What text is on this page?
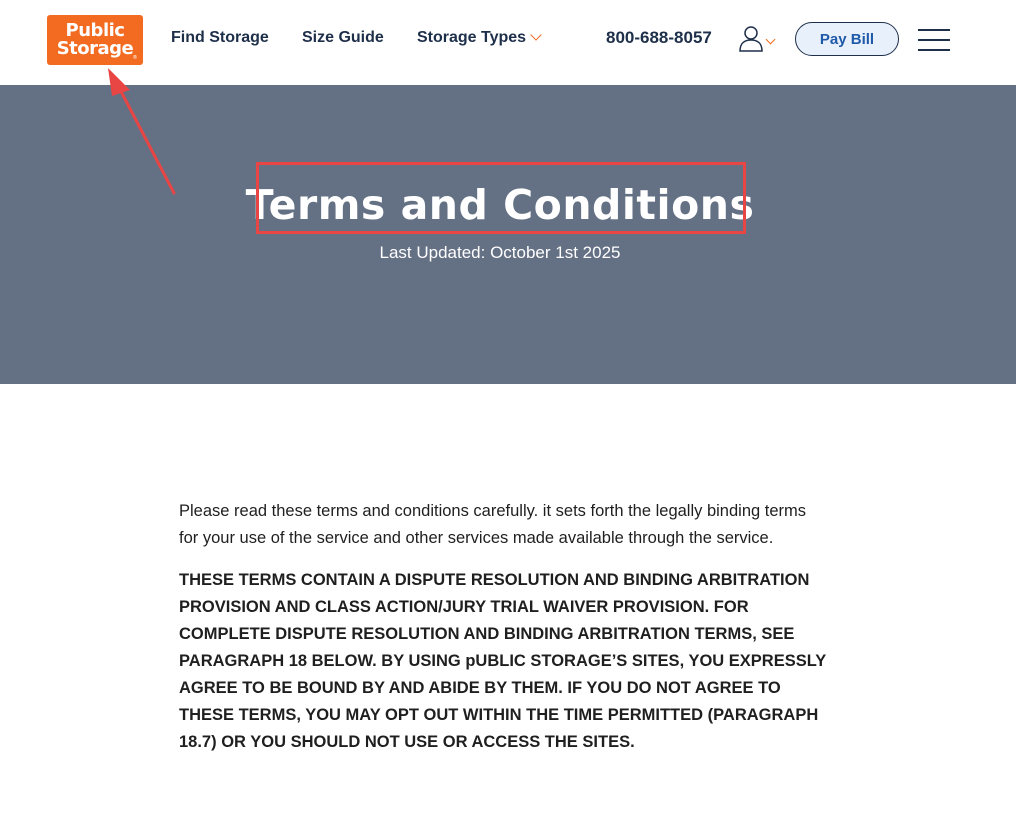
Public
Storage ®
Find Storage Size Guide Storage Types	800-688-8057	Pay Bill
Terms and Conditions
Last Updated: October 1st 2025

Please read these terms and conditions carefully. it sets forth the legally binding terms for your use of the service and other services made available through the service.

THESE TERMS CONTAIN A DISPUTE RESOLUTION AND BINDING ARBITRATION PROVISION AND CLASS ACTION/JURY TRIAL WAIVER PROVISION. FOR COMPLETE DISPUTE RESOLUTION AND BINDING ARBITRATION TERMS, SEE PARAGRAPH 18 BELOW. BY USING pUBLIC STORAGE’S SITES, YOU EXPRESSLY AGREE TO BE BOUND BY AND ABIDE BY THEM. IF YOU DO NOT AGREE TO THESE TERMS, YOU MAY OPT OUT WITHIN THE TIME PERMITTED (PARAGRAPH 18.7) OR YOU SHOULD NOT USE OR ACCESS THE SITES.
